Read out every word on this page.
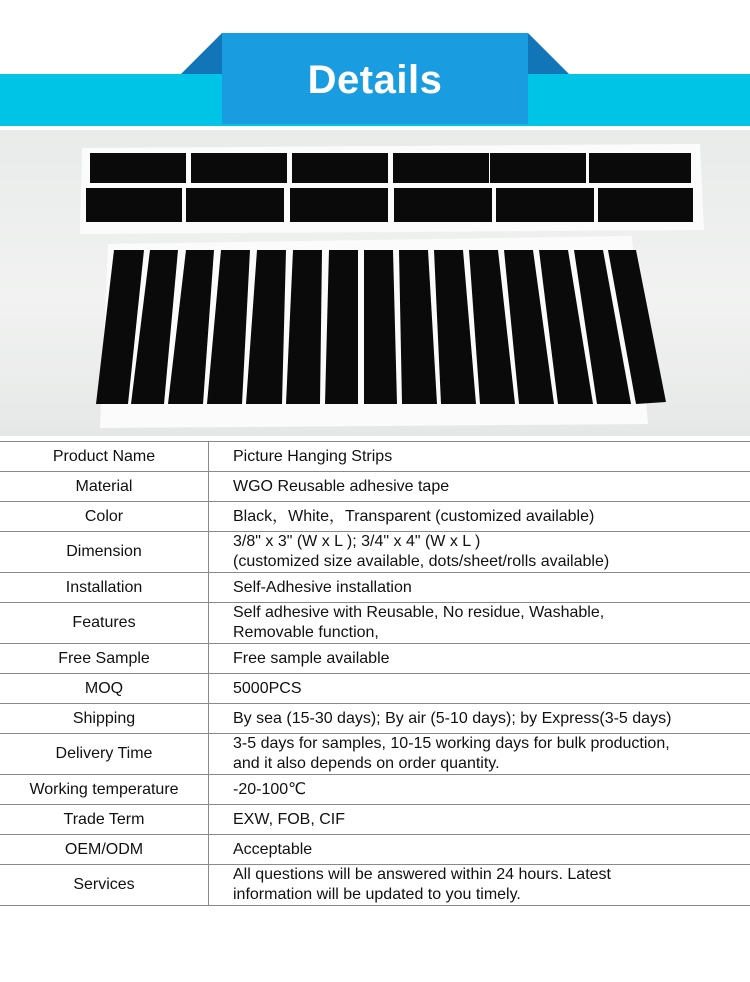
Details
Product Name	Picture Hanging Strips
Material	WGO Reusable adhesive tape
Color	Black，White，Transparent (customized available)
Dimension	3/8" x 3" (W x L ); 3/4" x 4" (W x L )
(customized size available, dots/sheet/rolls available)

Installation	Self-Adhesive installation
Features	Self adhesive with Reusable, No residue, Washable,
Removable function,

Free Sample	Free sample available
MOQ	5000PCS
Shipping	By sea (15-30 days); By air (5-10 days); by Express(3-5 days)
Delivery Time	3-5 days for samples, 10-15 working days for bulk production,
and it also depends on order quantity.

Working temperature	-20-100℃
Trade Term	EXW, FOB, CIF
OEM/ODM	Acceptable
Services	All questions will be answered within 24 hours. Latest
information will be updated to you timely.
